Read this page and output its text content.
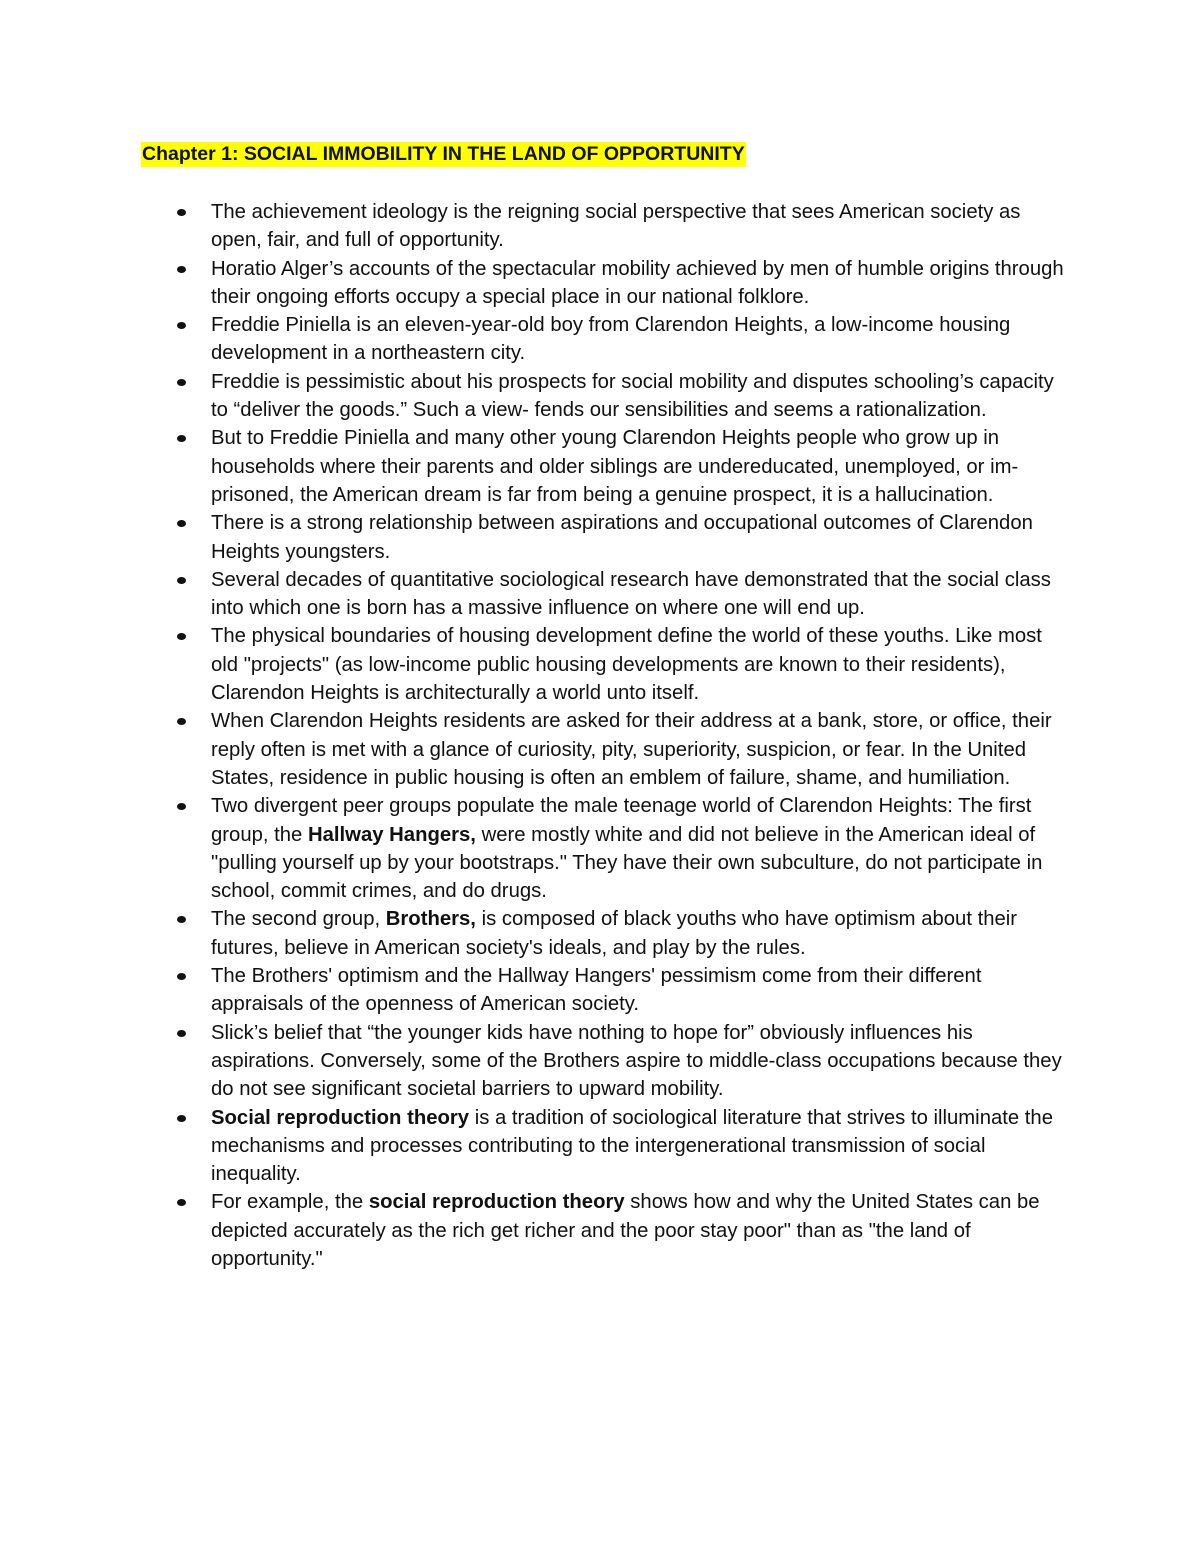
Chapter 1: SOCIAL IMMOBILITY IN THE LAND OF OPPORTUNITY
The achievement ideology is the reigning social perspective that sees American society as open, fair, and full of opportunity.
Horatio Alger’s accounts of the spectacular mobility achieved by men of humble origins through their ongoing efforts occupy a special place in our national folklore.
Freddie Piniella is an eleven-year-old boy from Clarendon Heights, a low-income housing development in a northeastern city.
Freddie is pessimistic about his prospects for social mobility and disputes schooling’s capacity to “deliver the goods.” Such a view- fends our sensibilities and seems a rationalization.
But to Freddie Piniella and many other young Clarendon Heights people who grow up in households where their parents and older siblings are undereducated, unemployed, or im- prisoned, the American dream is far from being a genuine prospect, it is a hallucination.
There is a strong relationship between aspirations and occupational outcomes of Clarendon Heights youngsters.
Several decades of quantitative sociological research have demonstrated that the social class into which one is born has a massive influence on where one will end up.
The physical boundaries of housing development define the world of these youths. Like most old "projects" (as low-income public housing developments are known to their residents), Clarendon Heights is architecturally a world unto itself.
When Clarendon Heights residents are asked for their address at a bank, store, or office, their reply often is met with a glance of curiosity, pity, superiority, suspicion, or fear. In the United States, residence in public housing is often an emblem of failure, shame, and humiliation.
Two divergent peer groups populate the male teenage world of Clarendon Heights: The first group, the Hallway Hangers, were mostly white and did not believe in the American ideal of "pulling yourself up by your bootstraps." They have their own subculture, do not participate in school, commit crimes, and do drugs.
The second group, Brothers, is composed of black youths who have optimism about their futures, believe in American society's ideals, and play by the rules.
The Brothers' optimism and the Hallway Hangers' pessimism come from their different appraisals of the openness of American society.
Slick’s belief that “the younger kids have nothing to hope for” obviously influences his aspirations. Conversely, some of the Brothers aspire to middle-class occupations because they do not see significant societal barriers to upward mobility.
Social reproduction theory is a tradition of sociological literature that strives to illuminate the mechanisms and processes contributing to the intergenerational transmission of social inequality.
For example, the social reproduction theory shows how and why the United States can be depicted accurately as the rich get richer and the poor stay poor" than as "the land of opportunity."
